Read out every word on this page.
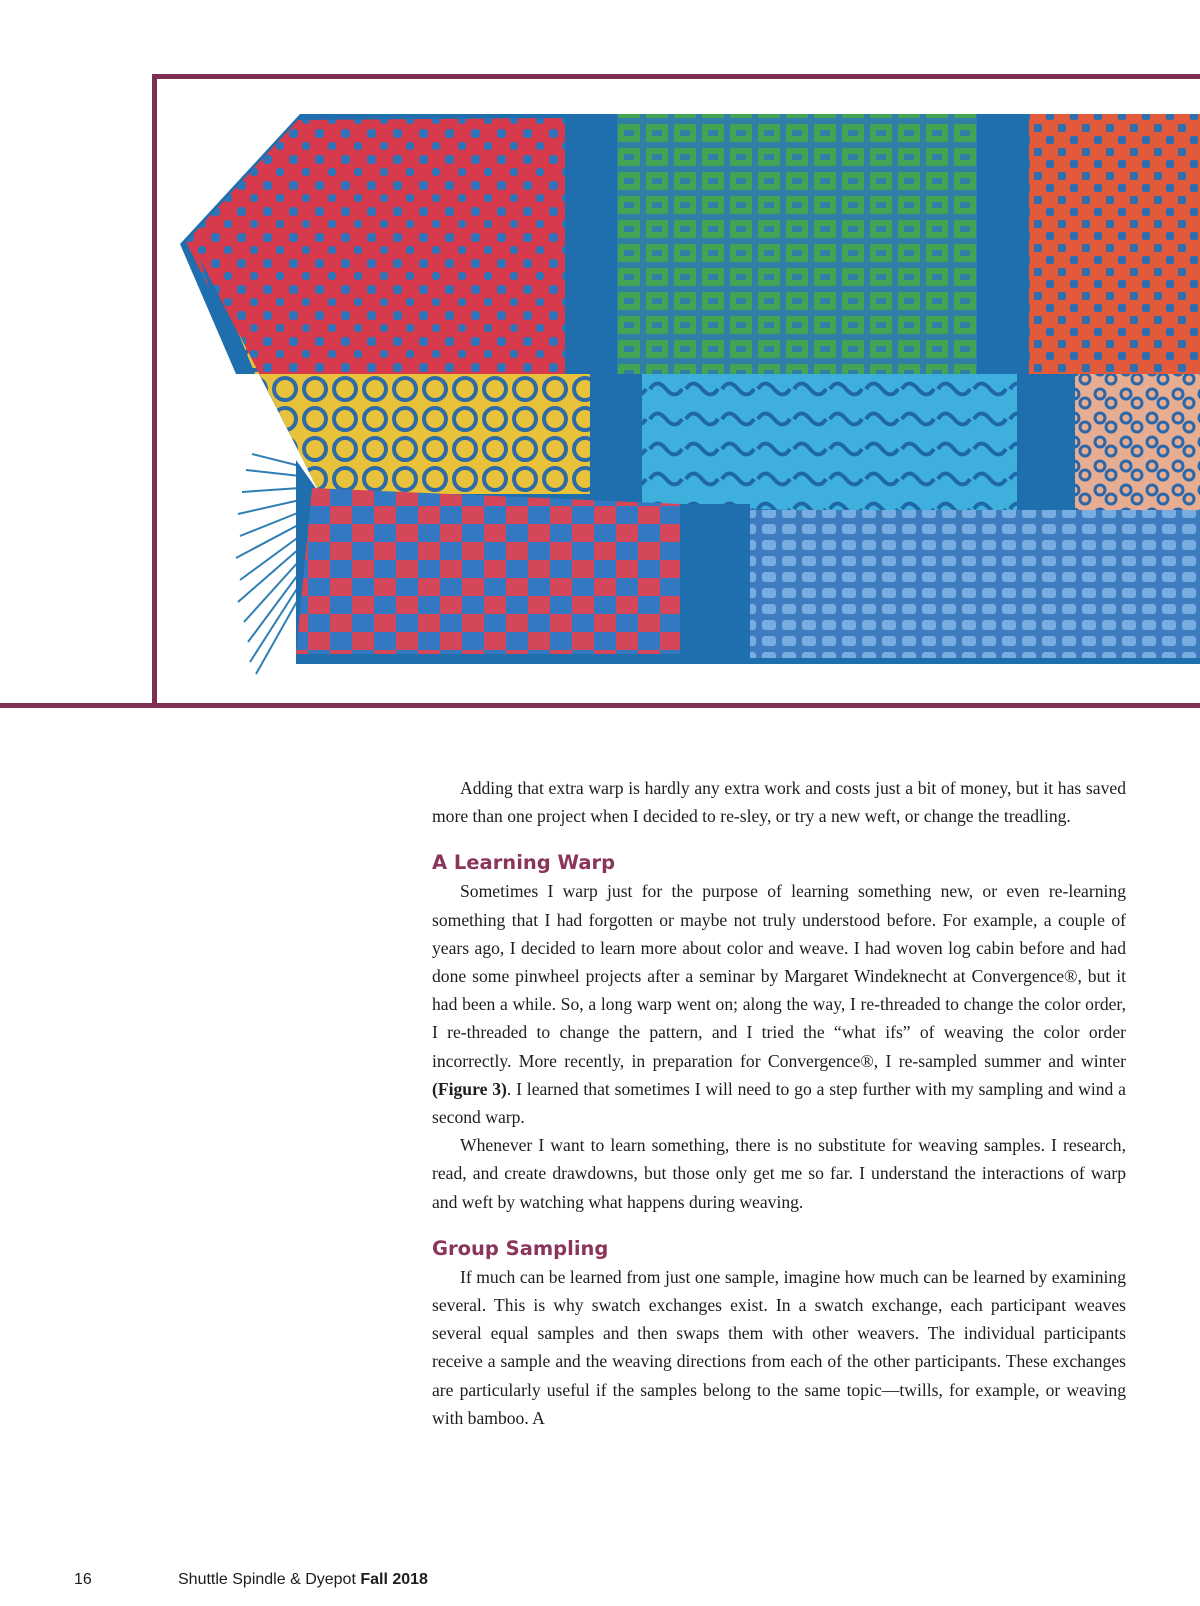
Adding that extra warp is hardly any extra work and costs just a bit of money, but it has saved more than one project when I decided to re-sley, or try a new weft, or change the treadling.

A Learning Warp

Sometimes I warp just for the purpose of learning something new, or even re-learning something that I had forgotten or maybe not truly understood before. For example, a couple of years ago, I decided to learn more about color and weave. I had woven log cabin before and had done some pinwheel projects after a seminar by Margaret Windeknecht at Convergence®, but it had been a while. So, a long warp went on; along the way, I re-threaded to change the color order, I re-threaded to change the pattern, and I tried the “what ifs” of weaving the color order incorrectly. More recently, in preparation for Convergence®, I re-sampled summer and winter (Figure 3). I learned that sometimes I will need to go a step further with my sampling and wind a second warp.

Whenever I want to learn something, there is no substitute for weaving samples. I research, read, and create drawdowns, but those only get me so far. I understand the interactions of warp and weft by watching what happens during weaving.

Group Sampling

If much can be learned from just one sample, imagine how much can be learned by examining several. This is why swatch exchanges exist. In a swatch exchange, each participant weaves several equal samples and then swaps them with other weavers. The individual participants receive a sample and the weaving directions from each of the other participants. These exchanges are particularly useful if the samples belong to the same topic—twills, for example, or weaving with bamboo. A

16	Shuttle Spindle & Dyepot Fall 2018
